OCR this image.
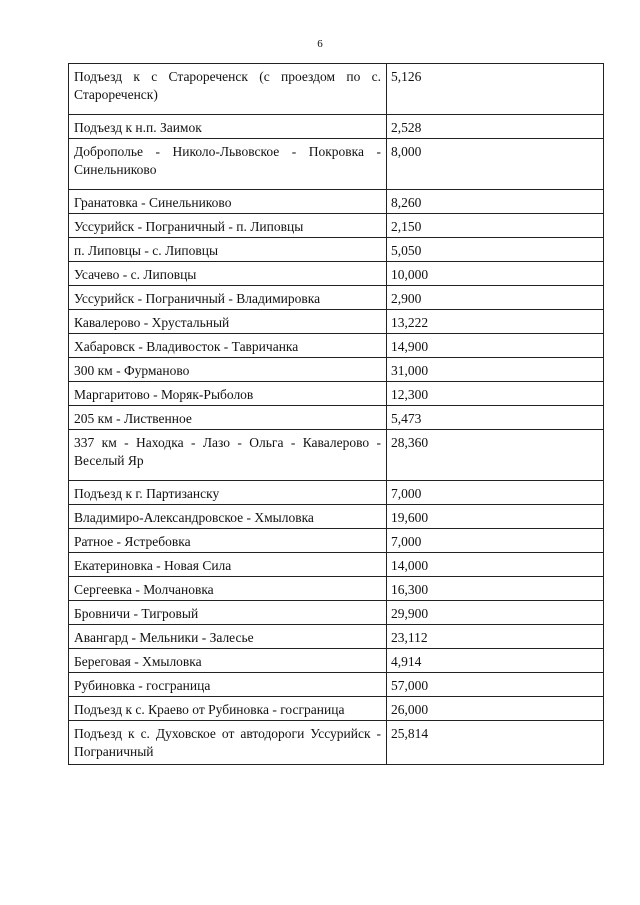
6
Подъезд к с Старореченск (с проездом по с. Старореченск)	5,126
Подъезд к н.п. Заимок	2,528
Доброполье - Николо-Львовское - Покровка - Синельниково	8,000
Гранатовка - Синельниково	8,260
Уссурийск - Пограничный - п. Липовцы	2,150
п. Липовцы - с. Липовцы	5,050
Усачево - с. Липовцы	10,000
Уссурийск - Пограничный - Владимировка	2,900
Кавалерово - Хрустальный	13,222
Хабаровск - Владивосток - Тавричанка	14,900
300 км - Фурманово	31,000
Маргаритово - Моряк-Рыболов	12,300
205 км - Лиственное	5,473
337 км - Находка - Лазо - Ольга - Кавалерово - Веселый Яр	28,360
Подъезд к г. Партизанску	7,000
Владимиро-Александровское - Хмыловка	19,600
Ратное - Ястребовка	7,000
Екатериновка - Новая Сила	14,000
Сергеевка - Молчановка	16,300
Бровничи - Тигровый	29,900
Авангард - Мельники - Залесье	23,112
Береговая - Хмыловка	4,914
Рубиновка - госграница	57,000
Подъезд к с. Краево от Рубиновка - госграница	26,000
Подъезд к с. Духовское от автодороги Уссурийск - Пограничный	25,814
